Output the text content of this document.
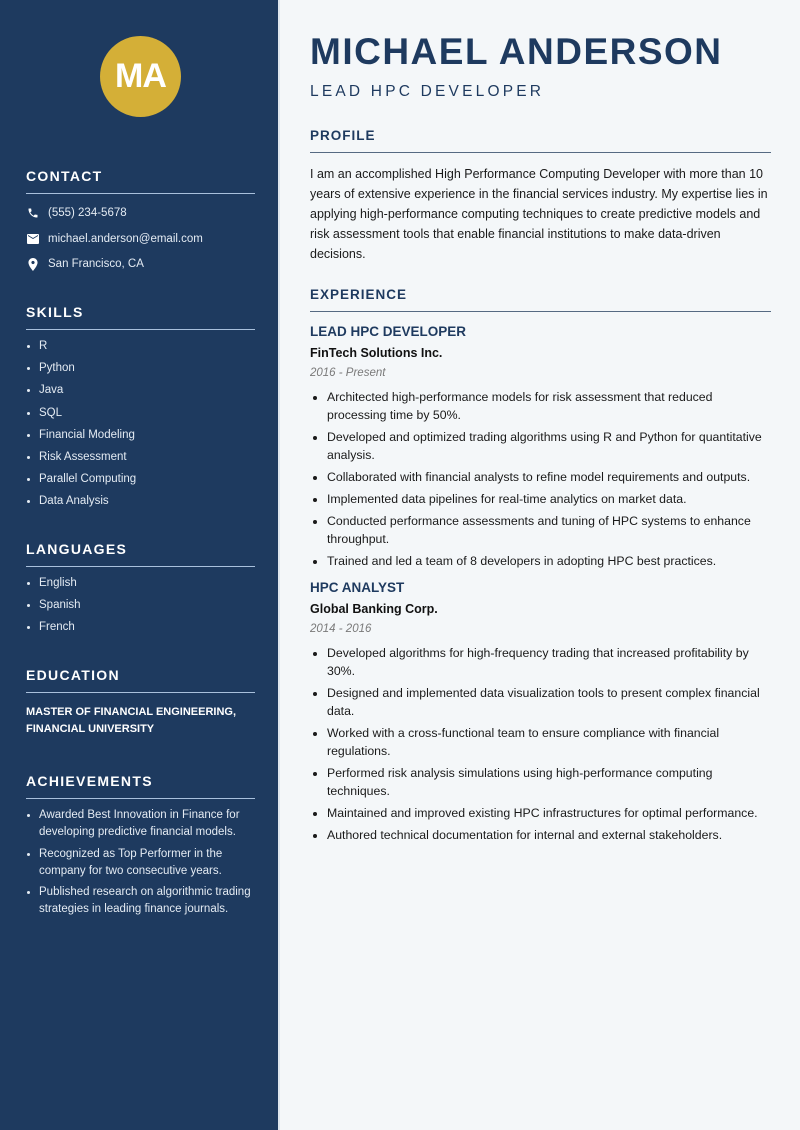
MA
CONTACT
(555) 234-5678
michael.anderson@email.com
San Francisco, CA
SKILLS
R
Python
Java
SQL
Financial Modeling
Risk Assessment
Parallel Computing
Data Analysis
LANGUAGES
English
Spanish
French
EDUCATION
MASTER OF FINANCIAL ENGINEERING, FINANCIAL UNIVERSITY
ACHIEVEMENTS
Awarded Best Innovation in Finance for developing predictive financial models.
Recognized as Top Performer in the company for two consecutive years.
Published research on algorithmic trading strategies in leading finance journals.
MICHAEL ANDERSON
LEAD HPC DEVELOPER
PROFILE

I am an accomplished High Performance Computing Developer with more than 10 years of extensive experience in the financial services industry. My expertise lies in applying high-performance computing techniques to create predictive models and risk assessment tools that enable financial institutions to make data-driven decisions.

EXPERIENCE
LEAD HPC DEVELOPER
FinTech Solutions Inc.
2016 - Present
Architected high-performance models for risk assessment that reduced processing time by 50%.
Developed and optimized trading algorithms using R and Python for quantitative analysis.
Collaborated with financial analysts to refine model requirements and outputs.
Implemented data pipelines for real-time analytics on market data.
Conducted performance assessments and tuning of HPC systems to enhance throughput.
Trained and led a team of 8 developers in adopting HPC best practices.
HPC ANALYST
Global Banking Corp.
2014 - 2016
Developed algorithms for high-frequency trading that increased profitability by 30%.
Designed and implemented data visualization tools to present complex financial data.
Worked with a cross-functional team to ensure compliance with financial regulations.
Performed risk analysis simulations using high-performance computing techniques.
Maintained and improved existing HPC infrastructures for optimal performance.
Authored technical documentation for internal and external stakeholders.
